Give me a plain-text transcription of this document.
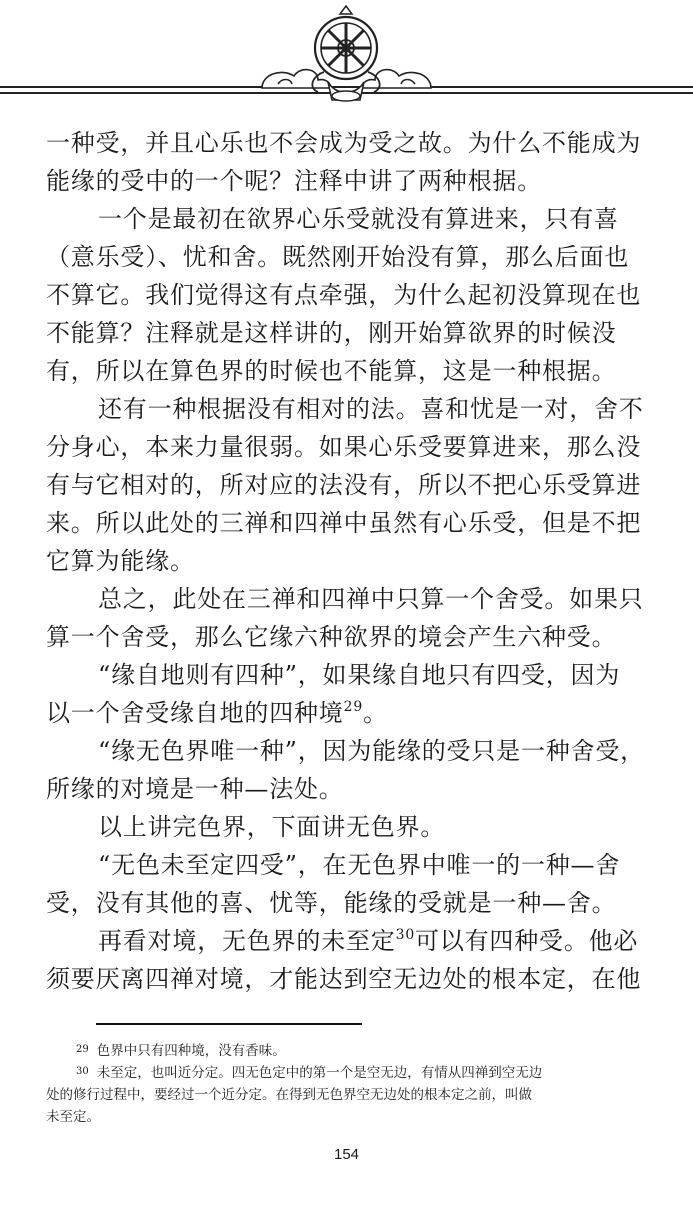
一种受，并且心乐也不会成为受之故。为什么不能成为
能缘的受中的一个呢？注释中讲了两种根据。
一个是最初在欲界心乐受就没有算进来，只有喜
（意乐受）、忧和舍。既然刚开始没有算，那么后面也
不算它。我们觉得这有点牵强，为什么起初没算现在也
不能算？注释就是这样讲的，刚开始算欲界的时候没
有，所以在算色界的时候也不能算，这是一种根据。
还有一种根据没有相对的法。喜和忧是一对，舍不
分身心，本来力量很弱。如果心乐受要算进来，那么没
有与它相对的，所对应的法没有，所以不把心乐受算进
来。所以此处的三禅和四禅中虽然有心乐受，但是不把
它算为能缘。
总之，此处在三禅和四禅中只算一个舍受。如果只
算一个舍受，那么它缘六种欲界的境会产生六种受。
“缘自地则有四种”，如果缘自地只有四受，因为
以一个舍受缘自地的四种境$^{29}$。
“缘无色界唯一种”，因为能缘的受只是一种舍受，
所缘的对境是一种—法处。
以上讲完色界，下面讲无色界。
“无色未至定四受”，在无色界中唯一的一种—舍
受，没有其他的喜、忧等，能缘的受就是一种—舍。
再看对境，无色界的未至定$^{30}$可以有四种受。他必
须要厌离四禅对境，才能达到空无边处的根本定，在他
$^{29}$ 色界中只有四种境，没有香味。
$^{30}$ 未至定，也叫近分定。四无色定中的第一个是空无边，有情从四禅到空无边
处的修行过程中，要经过一个近分定。在得到无色界空无边处的根本定之前，叫做
未至定。
154
